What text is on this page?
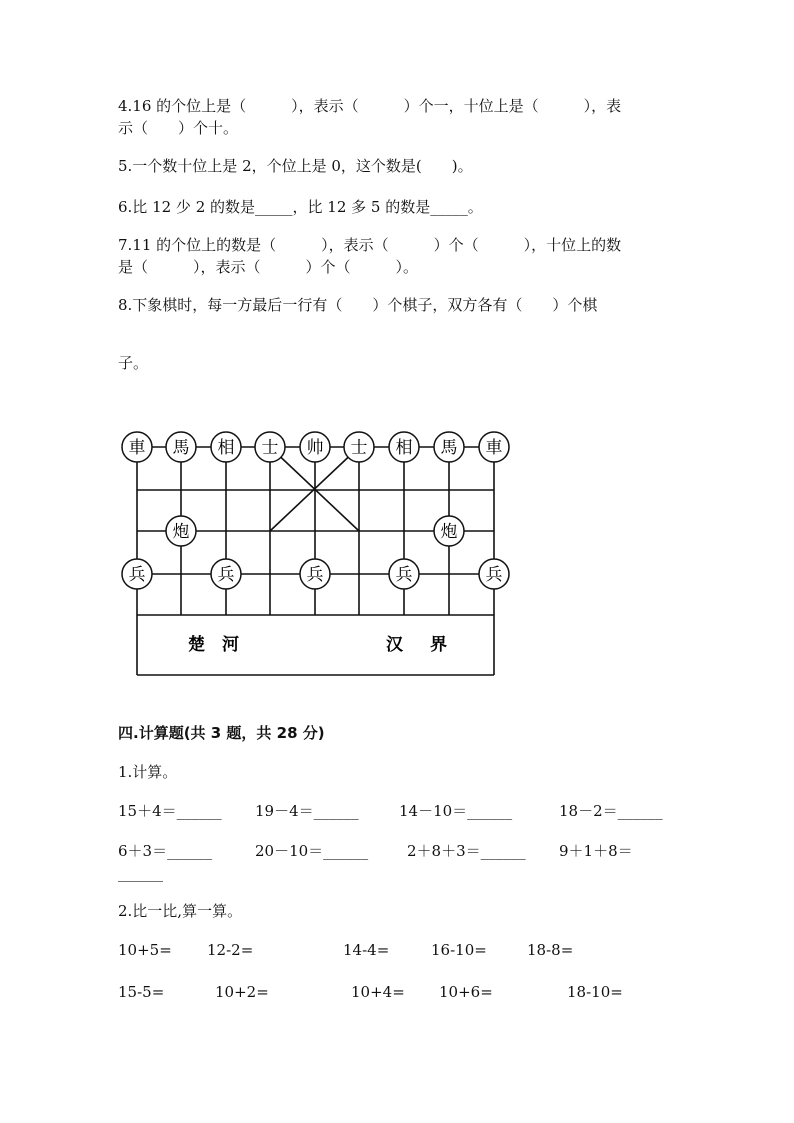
4.16 的个位上是（　　　），表示（　　　）个一，十位上是（　　　），表
示（　　）个十。
5.一个数十位上是 2，个位上是 0，这个数是(　　)。
6.比 12 少 2 的数是_____，比 12 多 5 的数是_____。
7.11 的个位上的数是（　　　），表示（　　　）个（　　　），十位上的数
是（　　　），表示（　　　）个（　　　）。
8.下象棋时，每一方最后一行有（　　）个棋子，双方各有（　　）个棋
子。
車 馬 相 士 帅 士 相 馬 車
炮	炮
兵	兵	兵	兵	兵
楚 河	汉 界
四.计算题(共 3 题，共 28 分)
1.计算。
15＋4＝______ 19－4＝______	14－10＝______	18－2＝______
6＋3＝______	20－10＝______	2＋8＋3＝______ 9＋1＋8＝
______
2.比一比,算一算。
10+5= 12-2=	14-4=	16-10=	18-8=
15-5=	10+2=	10+4= 10+6=	18-10=
